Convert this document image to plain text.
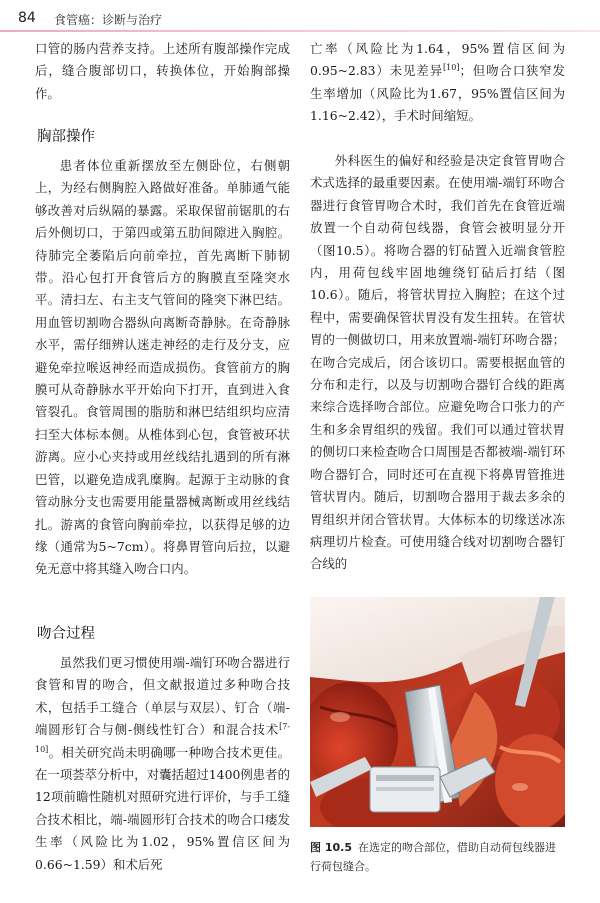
84 食管癌：诊断与治疗

口管的肠内营养支持。上述所有腹部操作完成后，缝合腹部切口，转换体位，开始胸部操作。

胸部操作

患者体位重新摆放至左侧卧位，右侧朝上，为经右侧胸腔入路做好准备。单肺通气能够改善对后纵隔的暴露。采取保留前锯肌的右后外侧切口，于第四或第五肋间隙进入胸腔。待肺完全萎陷后向前牵拉，首先离断下肺韧带。沿心包打开食管后方的胸膜直至隆突水平。清扫左、右主支气管间的隆突下淋巴结。用血管切割吻合器纵向离断奇静脉。在奇静脉水平，需仔细辨认迷走神经的走行及分支，应避免牵拉喉返神经而造成损伤。食管前方的胸膜可从奇静脉水平开始向下打开，直到进入食管裂孔。食管周围的脂肪和淋巴结组织均应清扫至大体标本侧。从椎体到心包，食管被环状游离。应小心夹持或用丝线结扎遇到的所有淋巴管，以避免造成乳糜胸。起源于主动脉的食管动脉分支也需要用能量器械离断或用丝线结扎。游离的食管向胸前牵拉，以获得足够的边缘（通常为5~7cm）。将鼻胃管向后拉，以避免无意中将其缝入吻合口内。

吻合过程

虽然我们更习惯使用端-端钉环吻合器进行食管和胃的吻合，但文献报道过多种吻合技术，包括手工缝合（单层与双层）、钉合（端-端圆形钉合与侧-侧线性钉合）和混合技术[7-10]。相关研究尚未明确哪一种吻合技术更佳。在一项荟萃分析中，对囊括超过1400例患者的12项前瞻性随机对照研究进行评价，与手工缝合技术相比，端-端圆形钉合技术的吻合口瘘发生率（风险比为1.02，95%置信区间为0.66~1.59）和术后死

亡率（风险比为1.64，95%置信区间为0.95~2.83）未见差异[10]；但吻合口狭窄发生率增加（风险比为1.67，95%置信区间为1.16~2.42），手术时间缩短。

外科医生的偏好和经验是决定食管胃吻合术式选择的最重要因素。在使用端-端钉环吻合器进行食管胃吻合术时，我们首先在食管近端放置一个自动荷包线器，食管会被明显分开（图10.5）。将吻合器的钉砧置入近端食管腔内，用荷包线牢固地缠绕钉砧后打结（图10.6）。随后，将管状胃拉入胸腔；在这个过程中，需要确保管状胃没有发生扭转。在管状胃的一侧做切口，用来放置端-端钉环吻合器；在吻合完成后，闭合该切口。需要根据血管的分布和走行，以及与切割吻合器钉合线的距离来综合选择吻合部位。应避免吻合口张力的产生和多余胃组织的残留。我们可以通过管状胃的侧切口来检查吻合口周围是否都被端-端钉环吻合器钉合，同时还可在直视下将鼻胃管推进管状胃内。随后，切割吻合器用于裁去多余的胃组织并闭合管状胃。大体标本的切缘送冰冻病理切片检查。可使用缝合线对切割吻合器钉合线的

图 10.5 在选定的吻合部位，借助自动荷包线器进行荷包缝合。
